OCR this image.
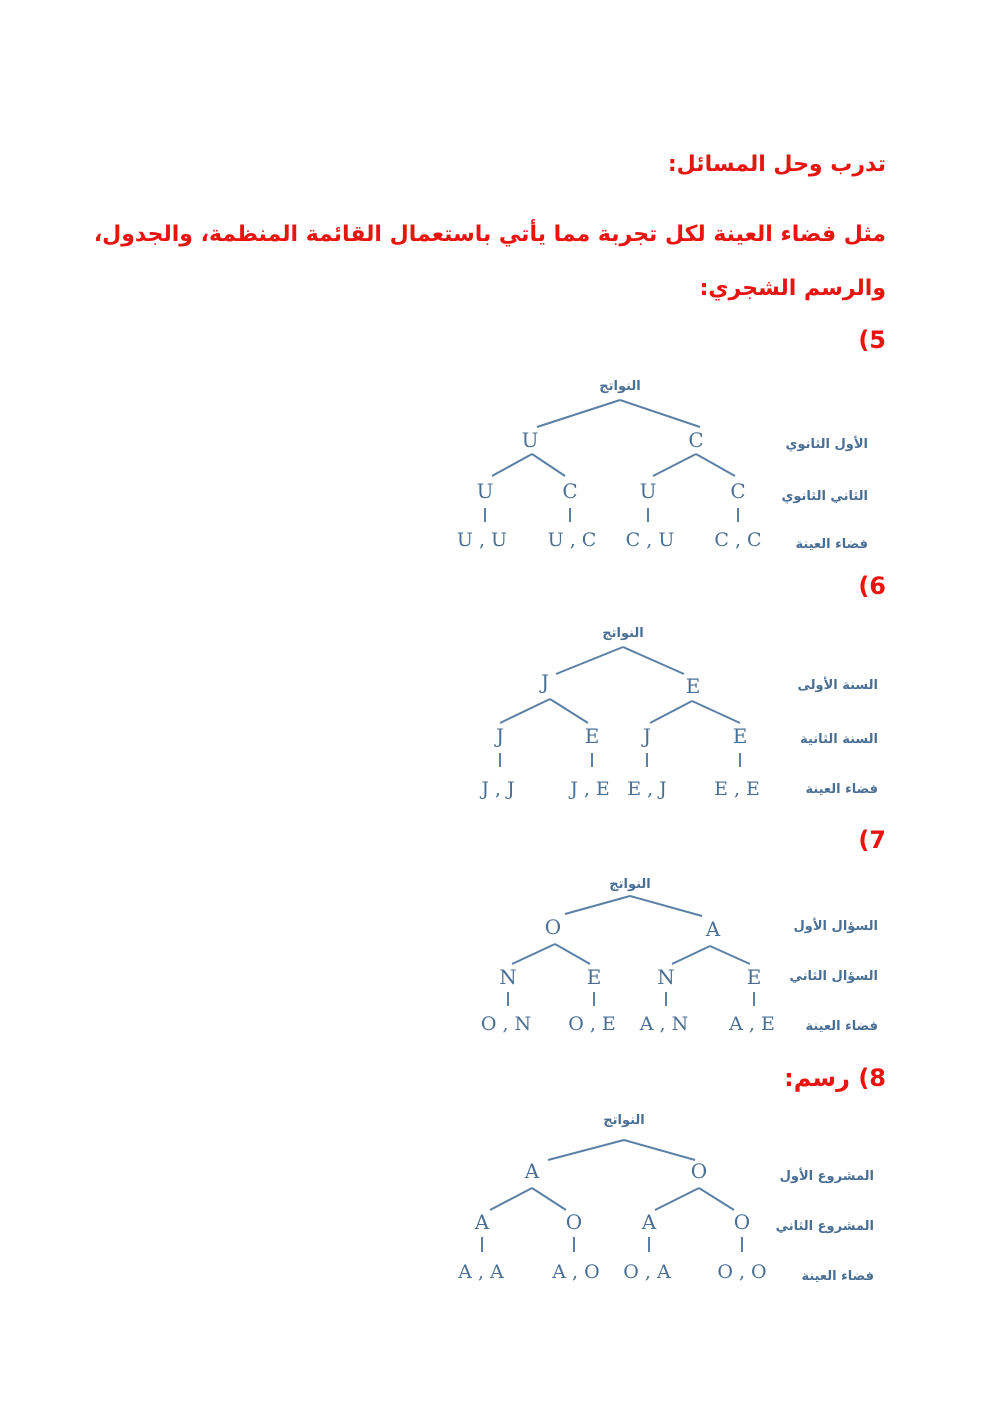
تدرب وحل المسائل:
مثل فضاء العينة لكل تجربة مما يأتي باستعمال القائمة المنظمة، والجدول،
والرسم الشجري:
5)
النواتج
U	C
U	C	U	C
U , U U , C C , U C , C
الأول الثانوي
الثاني الثانوي
فضاء العينة
6)
النواتج
J	E
J	E J	E
J , J	J , E E , J E , E
السنة الأولى
السنة الثانية
فضاء العينة
7)
النواتج
O	A
N	E	N	E
O , N O , E A , N A , E
السؤال الأول
السؤال الثاني
فضاء العينة
8) رسم:
النواتج
A	O
A	O	A	O
A , A	A , O O , A O , O
المشروع الأول
المشروع الثاني
فضاء العينة
